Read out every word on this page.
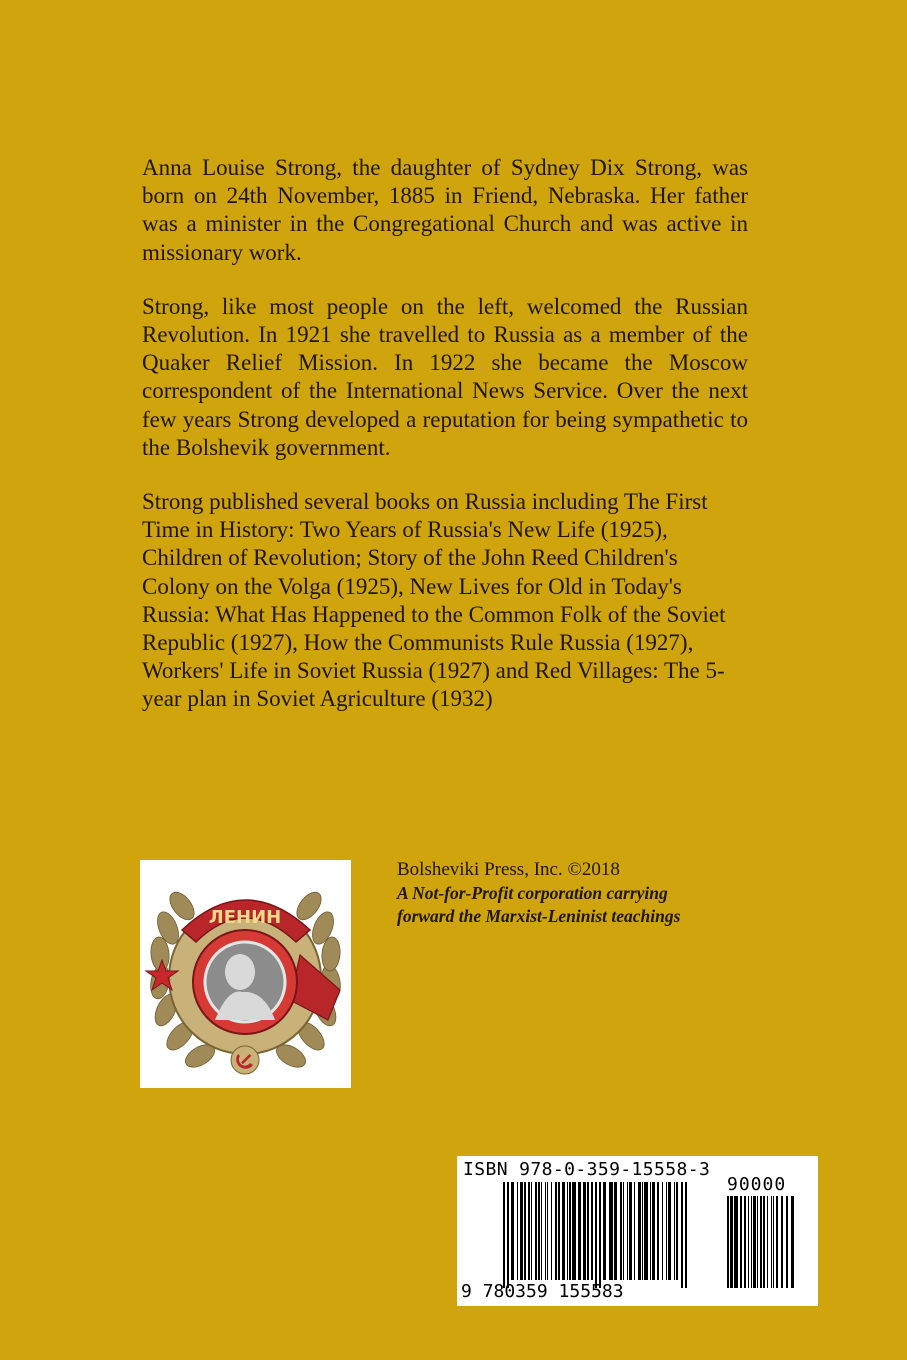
Anna Louise Strong, the daughter of Sydney Dix Strong, was born on 24th November, 1885 in Friend, Nebraska. Her father was a minister in the Congregational Church and was active in missionary work.

Strong, like most people on the left, welcomed the Russian Revolution. In 1921 she travelled to Russia as a member of the Quaker Relief Mission. In 1922 she became the Moscow correspondent of the International News Service. Over the next few years Strong developed a reputation for being sympathetic to the Bolshevik government.

Strong published several books on Russia including The First Time in History: Two Years of Russia's New Life (1925), Children of Revolution; Story of the John Reed Children's Colony on the Volga (1925), New Lives for Old in Today's Russia: What Has Happened to the Common Folk of the Soviet Republic (1927), How the Communists Rule Russia (1927), Workers' Life in Soviet Russia (1927) and Red Villages: The 5-year plan in Soviet Agriculture (1932)

ЛЕНИН

Bolsheviki Press, Inc. ©2018

A Not-for-Profit corporation carrying

forward the Marxist-Leninist teachings

ISBN 978-0-359-15558-3
90000
9 780359 155583
